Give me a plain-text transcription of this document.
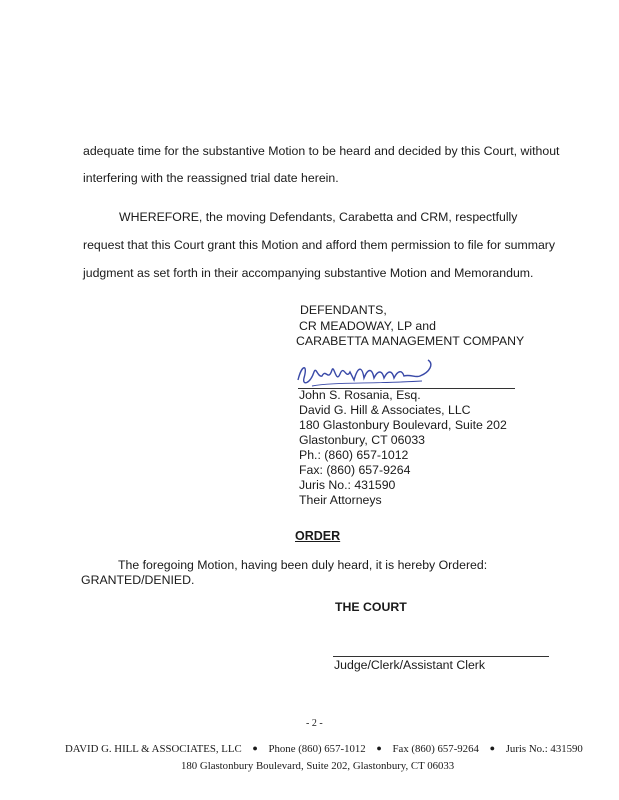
adequate time for the substantive Motion to be heard and decided by this Court, without
interfering with the reassigned trial date herein.
WHEREFORE, the moving Defendants, Carabetta and CRM, respectfully
request that this Court grant this Motion and afford them permission to file for summary
judgment as set forth in their accompanying substantive Motion and Memorandum.
DEFENDANTS,
CR MEADOWAY, LP and
CARABETTA MANAGEMENT COMPANY
John S. Rosania, Esq.
David G. Hill & Associates, LLC
180 Glastonbury Boulevard, Suite 202
Glastonbury, CT 06033
Ph.: (860) 657-1012
Fax: (860) 657-9264
Juris No.: 431590
Their Attorneys
ORDER
The foregoing Motion, having been duly heard, it is hereby Ordered:
GRANTED/DENIED.
THE COURT
Judge/Clerk/Assistant Clerk
- 2 -
DAVID G. HILL & ASSOCIATES, LLC ● Phone (860) 657-1012 ● Fax (860) 657-9264 ● Juris No.: 431590
180 Glastonbury Boulevard, Suite 202, Glastonbury, CT 06033
